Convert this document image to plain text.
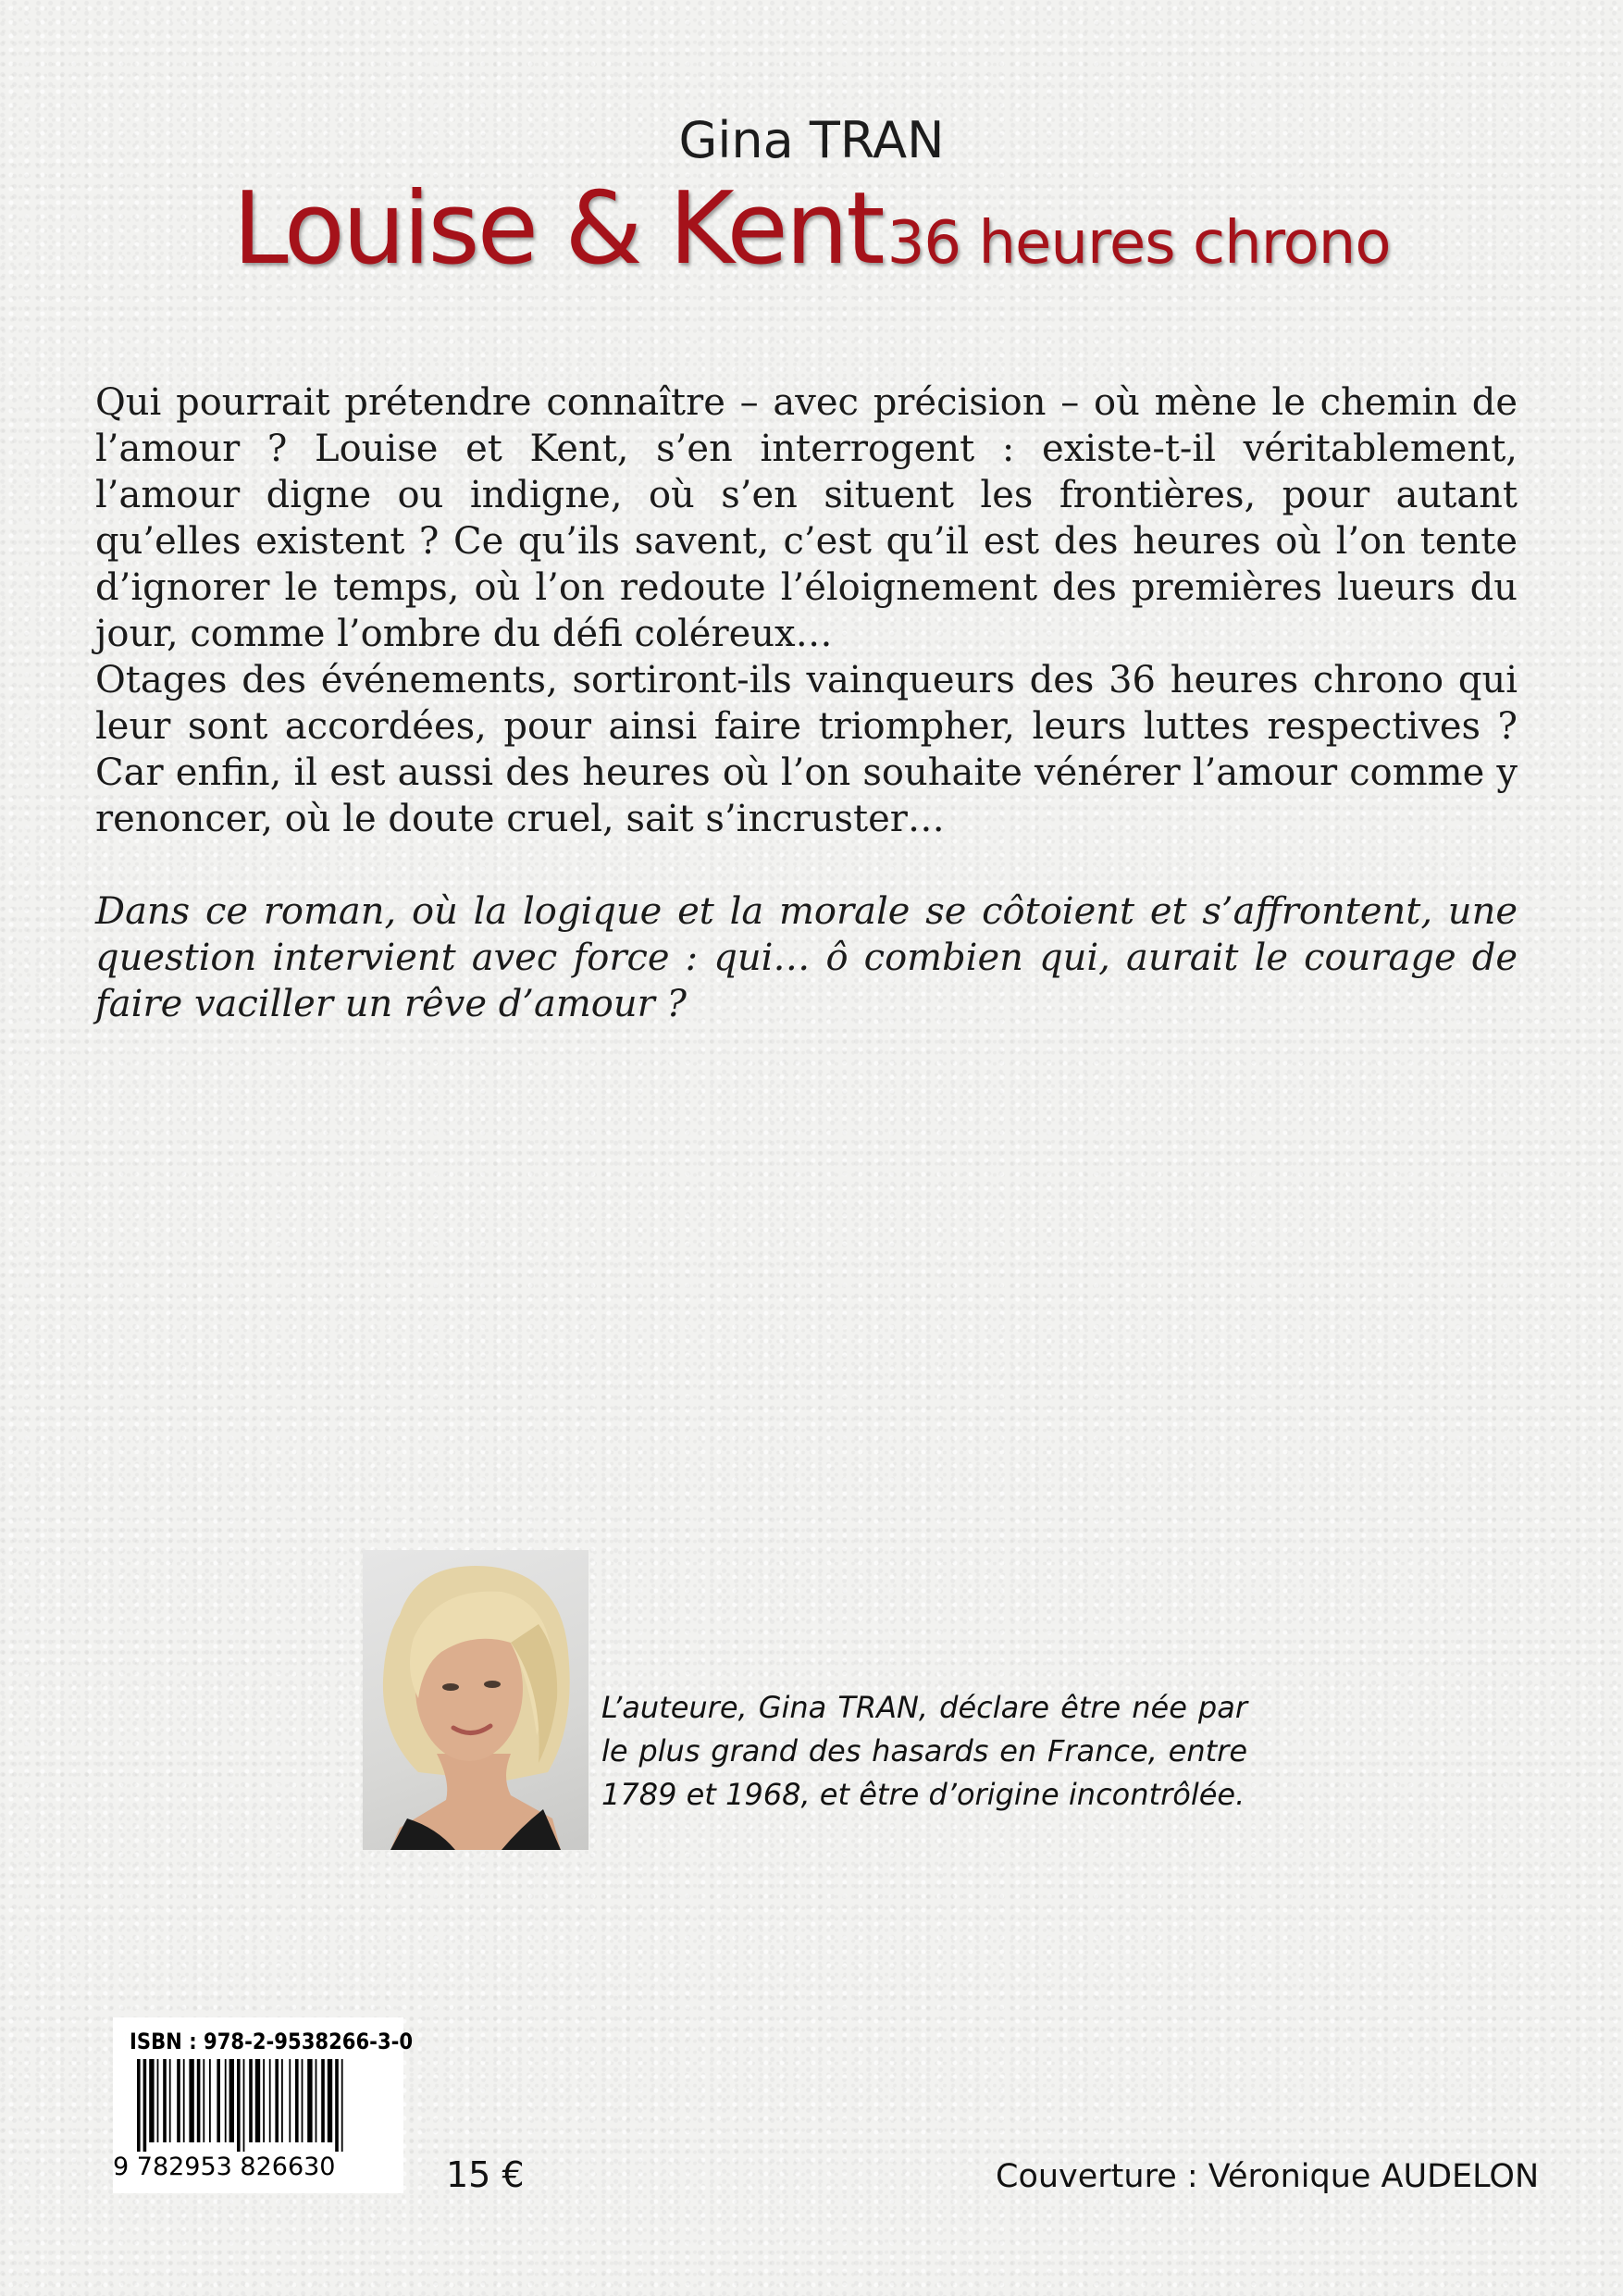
Gina TRAN
Louise & Kent 36 heures chrono

Qui pourrait prétendre connaître – avec précision – où mène le chemin de l’amour ? Louise et Kent, s’en interrogent : existe-t-il véritablement, l’amour digne ou indigne, où s’en situent les frontières, pour autant qu’elles existent ? Ce qu’ils savent, c’est qu’il est des heures où l’on tente d’ignorer le temps, où l’on redoute l’éloignement des premières lueurs du jour, comme l’ombre du défi coléreux…

Otages des événements, sortiront-ils vainqueurs des 36 heures chrono qui leur sont accordées, pour ainsi faire triompher, leurs luttes respectives ? Car enfin, il est aussi des heures où l’on souhaite vénérer l’amour comme y renoncer, où le doute cruel, sait s’incruster…

Dans ce roman, où la logique et la morale se côtoient et s’affrontent, une question intervient avec force : qui… ô combien qui, aurait le courage de faire vaciller un rêve d’amour ?

L’auteure, Gina TRAN, déclare être née par le plus grand des hasards en France, entre 1789 et 1968, et être d’origine incontrôlée.
ISBN : 978-2-9538266-3-0
9 782953 826630	15 €	Couverture : Véronique AUDELON
